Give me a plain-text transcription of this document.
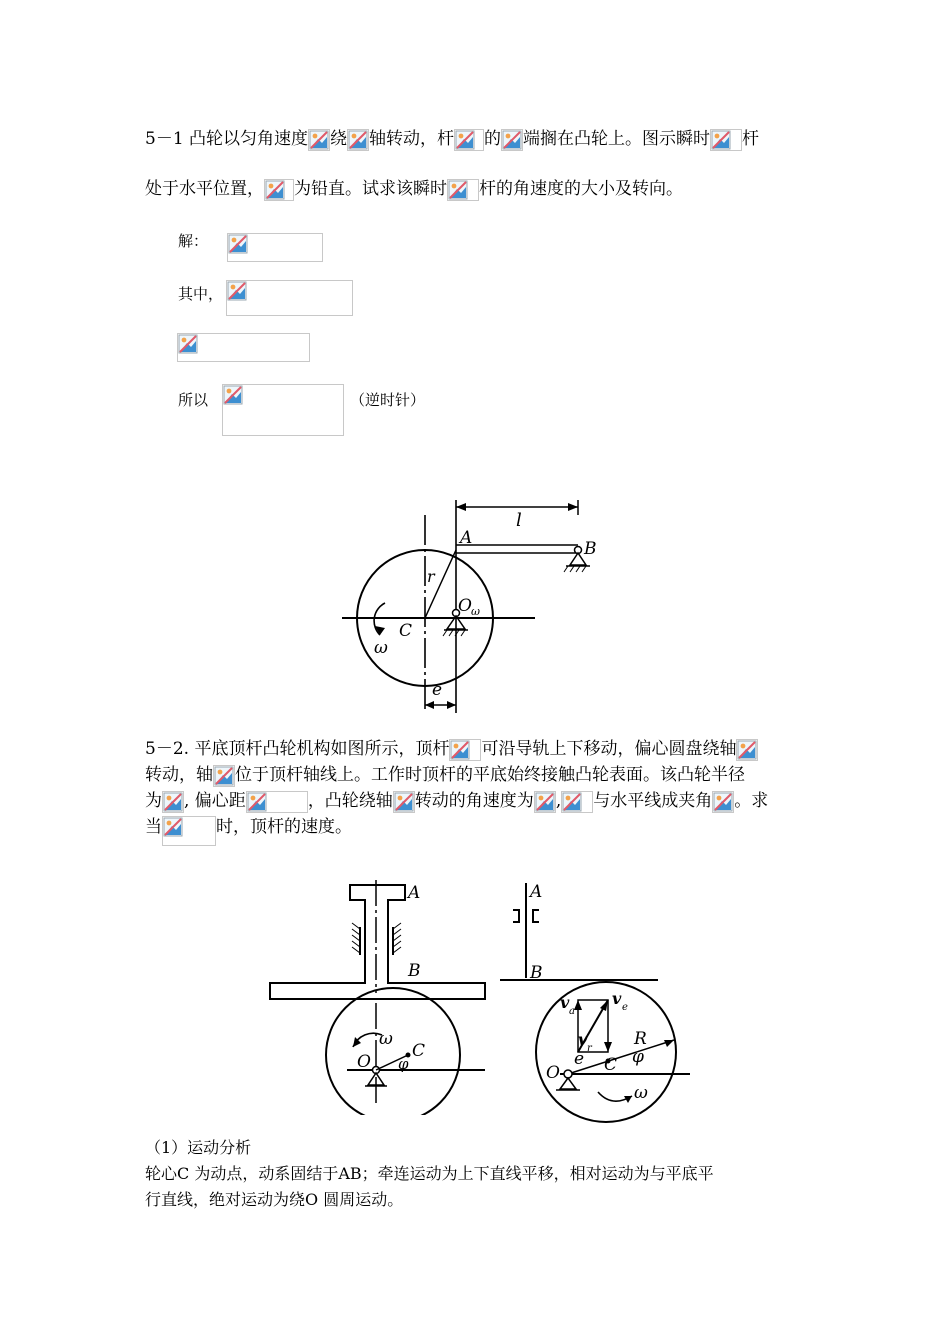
5－1 凸轮以匀角速度 绕 轴转动，杆 的 端搁在凸轮上。图示瞬时 杆
处于水平位置， 为铅直。试求该瞬时 杆的角速度的大小及转向。
解：
其中，
所以	（逆时针）
l
A
B
r
O ω
C
ω
e
5－2. 平底顶杆凸轮机构如图所示，顶杆 可沿导轨上下移动，偏心圆盘绕轴
转动，轴 位于顶杆轴线上。工作时顶杆的平底始终接触凸轮表面。该凸轮半径
为 , 偏心距	，凸轮绕轴 转动的角速度为 , 与水平线成夹角 。求
当	时，顶杆的速度。
A
B
ω
O
C
φ
A
B
v a
v e
v r R
e C φ
O
ω
（1）运动分析
轮心C 为动点，动系固结于AB；牵连运动为上下直线平移，相对运动为与平底平
行直线，绝对运动为绕O 圆周运动。
